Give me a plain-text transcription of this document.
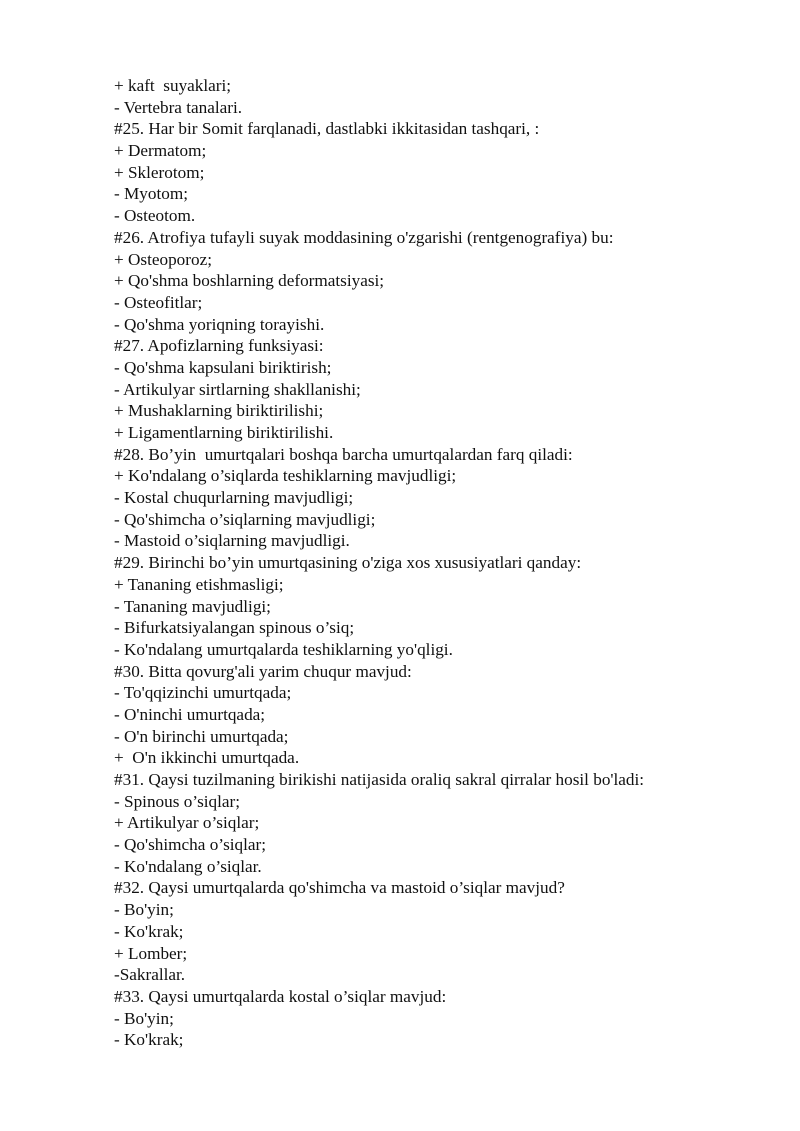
+ kaft  suyaklari;
- Vertebra tanalari.
#25. Har bir Somit farqlanadi, dastlabki ikkitasidan tashqari, :
+ Dermatom;
+ Sklerotom;
- Myotom;
- Osteotom.
#26. Atrofiya tufayli suyak moddasining o'zgarishi (rentgenografiya) bu:
+ Osteoporoz;
+ Qo'shma boshlarning deformatsiyasi;
- Osteofitlar;
- Qo'shma yoriqning torayishi.
#27. Apofizlarning funksiyasi:
- Qo'shma kapsulani biriktirish;
- Artikulyar sirtlarning shakllanishi;
+ Mushaklarning biriktirilishi;
+ Ligamentlarning biriktirilishi.
#28. Bo’yin  umurtqalari boshqa barcha umurtqalardan farq qiladi:
+ Ko'ndalang o’siqlarda teshiklarning mavjudligi;
- Kostal chuqurlarning mavjudligi;
- Qo'shimcha o’siqlarning mavjudligi;
- Mastoid o’siqlarning mavjudligi.
#29. Birinchi bo’yin umurtqasining o'ziga xos xususiyatlari qanday:
+ Tananing etishmasligi;
- Tananing mavjudligi;
- Bifurkatsiyalangan spinous o’siq;
- Ko'ndalang umurtqalarda teshiklarning yo'qligi.
#30. Bitta qovurg'ali yarim chuqur mavjud:
- To'qqizinchi umurtqada;
- O'ninchi umurtqada;
- O'n birinchi umurtqada;
+  O'n ikkinchi umurtqada.
#31. Qaysi tuzilmaning birikishi natijasida oraliq sakral qirralar hosil bo'ladi:
- Spinous o’siqlar;
+ Artikulyar o’siqlar;
- Qo'shimcha o’siqlar;
- Ko'ndalang o’siqlar.
#32. Qaysi umurtqalarda qo'shimcha va mastoid o’siqlar mavjud?
- Bo'yin;
- Ko'krak;
+ Lomber;
-Sakrallar.
#33. Qaysi umurtqalarda kostal o’siqlar mavjud:
- Bo'yin;
- Ko'krak;
